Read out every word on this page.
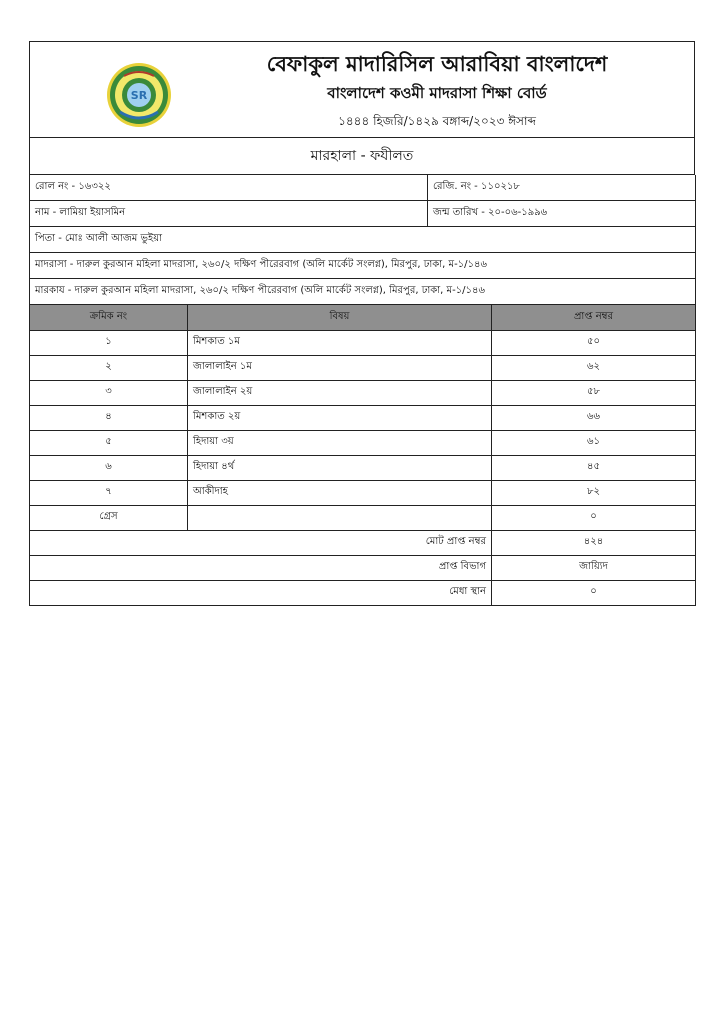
SR
বেফাকুল মাদারিসিল আরাবিয়া বাংলাদেশ
বাংলাদেশ কওমী মাদরাসা শিক্ষা বোর্ড
১৪৪৪ হিজরি/১৪২৯ বঙ্গাব্দ/২০২৩ ঈসাব্দ
মারহালা - ফযীলত
রোল নং - ১৬৩২২	রেজি. নং - ১১০২১৮
নাম - লামিয়া ইয়াসমিন	জন্ম তারিখ - ২০-০৬-১৯৯৬
পিতা - মোঃ আলী আজম ভুইয়া	
মাদরাসা - দারুল কুরআন মহিলা মাদরাসা, ২৬০/২ দক্ষিণ পীরেরবাগ (অলি মার্কেট সংলগ্ন), মিরপুর, ঢাকা, ম-১/১৪৬	
মারকায - দারুল কুরআন মহিলা মাদরাসা, ২৬০/২ দক্ষিণ পীরেরবাগ (অলি মার্কেট সংলগ্ন), মিরপুর, ঢাকা, ম-১/১৪৬	
ক্রমিক নং	বিষয়	প্রাপ্ত নম্বর
১	মিশকাত ১ম	৫০
২	জালালাইন ১ম	৬২
৩	জালালাইন ২য়	৫৮
৪	মিশকাত ২য়	৬৬
৫	হিদায়া ৩য়	৬১
৬	হিদায়া ৪র্থ	৪৫
৭	আকীদাহ	৮২
গ্রেস		০
মোট প্রাপ্ত নম্বর		৪২৪
প্রাপ্ত বিভাগ		জায়্যিদ
মেধা স্থান		০
